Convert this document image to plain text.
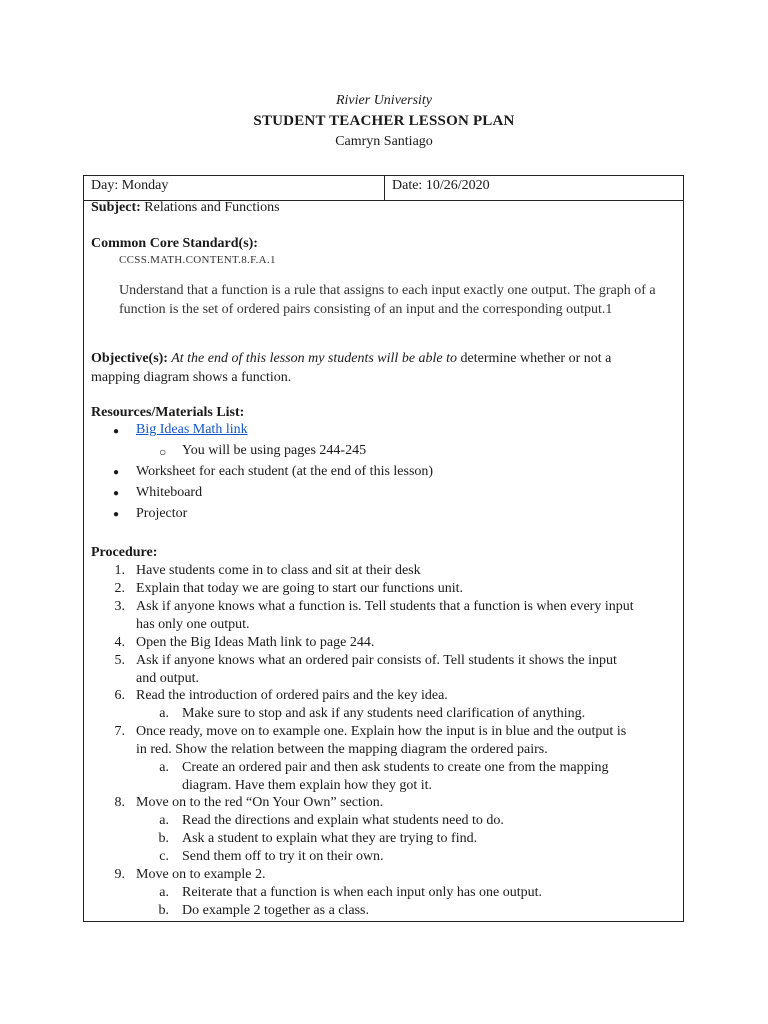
Rivier University
STUDENT TEACHER LESSON PLAN
Camryn Santiago
Day: Monday	Date: 10/26/2020
Subject: Relations and Functions
Common Core Standard(s):
CCSS.MATH.CONTENT.8.F.A.1
Understand that a function is a rule that assigns to each input exactly one output. The graph of a function is the set of ordered pairs consisting of an input and the corresponding output.1
Objective(s): At the end of this lesson my students will be able to determine whether or not a
mapping diagram shows a function.
Resources/Materials List:
● Big Ideas Math link
○ You will be using pages 244-245
● Worksheet for each student (at the end of this lesson)
● Whiteboard
● Projector
Procedure:
1. Have students come in to class and sit at their desk
2. Explain that today we are going to start our functions unit.
3. Ask if anyone knows what a function is. Tell students that a function is when every input
has only one output.
4. Open the Big Ideas Math link to page 244.
5. Ask if anyone knows what an ordered pair consists of. Tell students it shows the input
and output.
6. Read the introduction of ordered pairs and the key idea.
a. Make sure to stop and ask if any students need clarification of anything.
7. Once ready, move on to example one. Explain how the input is in blue and the output is
in red. Show the relation between the mapping diagram the ordered pairs.
a. Create an ordered pair and then ask students to create one from the mapping
diagram. Have them explain how they got it.
8. Move on to the red “On Your Own” section.
a. Read the directions and explain what students need to do.
b. Ask a student to explain what they are trying to find.
c. Send them off to try it on their own.
9. Move on to example 2.
a. Reiterate that a function is when each input only has one output.
b. Do example 2 together as a class.
